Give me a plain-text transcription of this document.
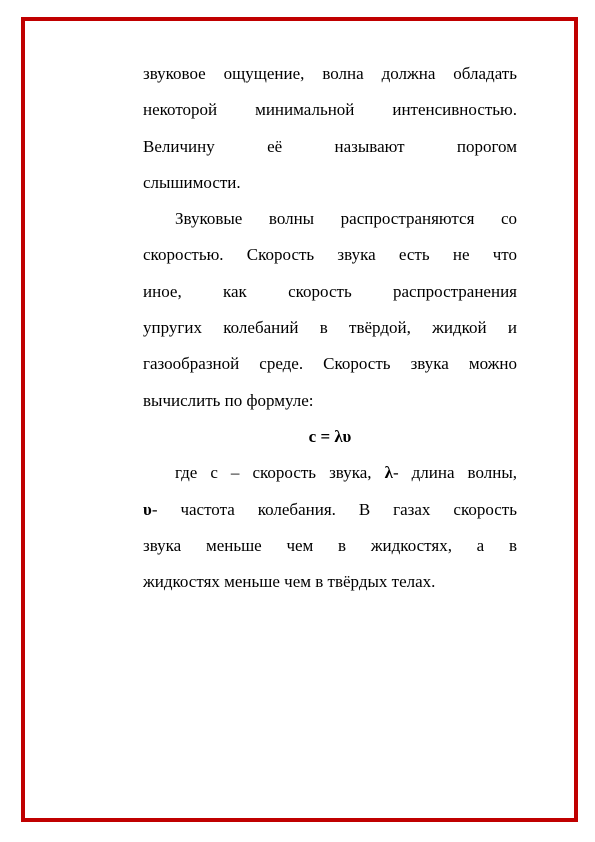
звуковое ощущение, волна должна обладать
некоторой минимальной интенсивностью.
Величину её называют порогом
слышимости.

Звуковые волны распространяются со
скоростью. Скорость звука есть не что
иное, как скорость распространения
упругих колебаний в твёрдой, жидкой и
газообразной среде. Скорость звука можно
вычислить по формуле:

c = λυ

где с – скорость звука, λ- длина волны,
υ- частота колебания. В газах скорость
звука меньше чем в жидкостях, а в
жидкостях меньше чем в твёрдых телах.
